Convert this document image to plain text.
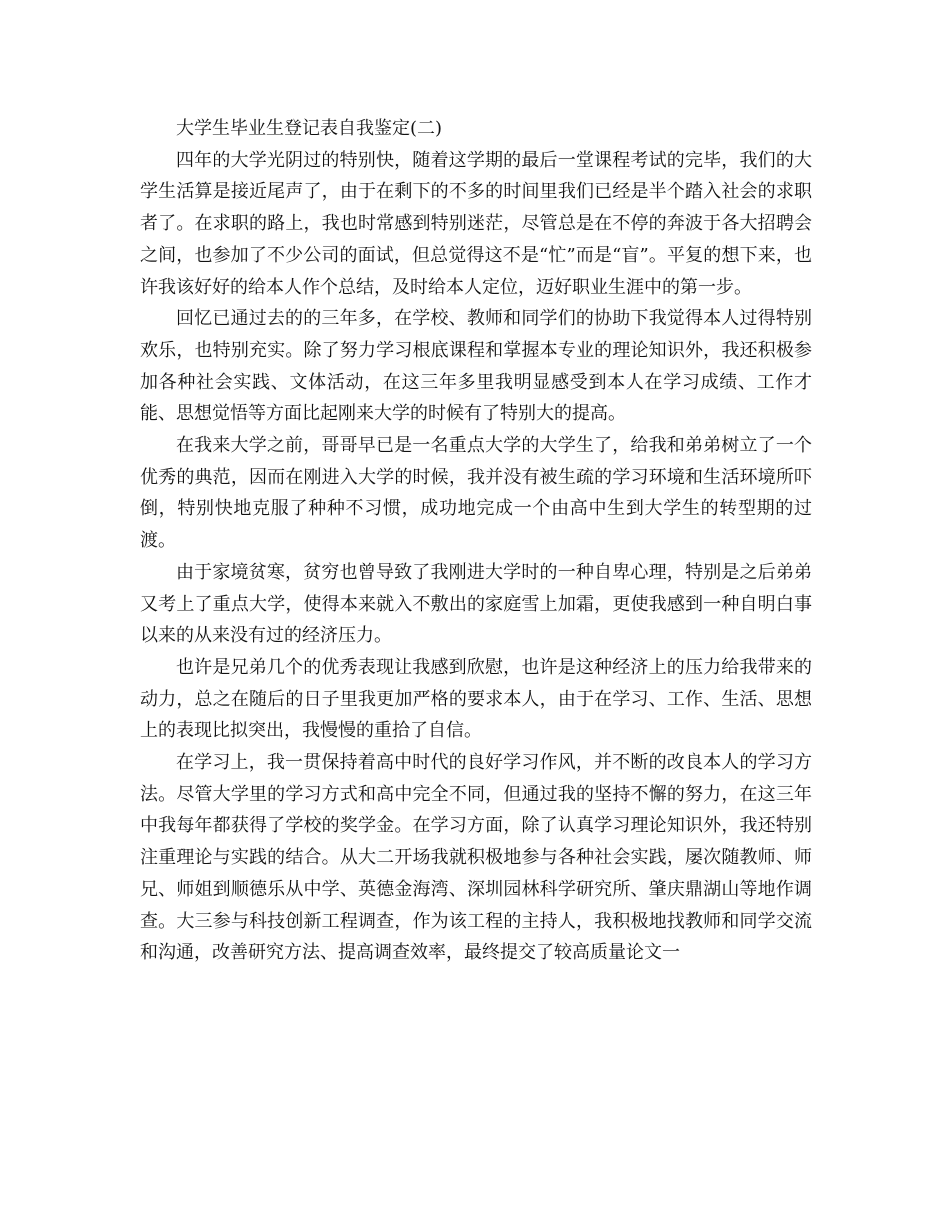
大学生毕业生登记表自我鉴定(二)

四年的大学光阴过的特别快，随着这学期的最后一堂课程考试的完毕，我们的大学生活算是接近尾声了，由于在剩下的不多的时间里我们已经是半个踏入社会的求职者了。在求职的路上，我也时常感到特别迷茫，尽管总是在不停的奔波于各大招聘会之间，也参加了不少公司的面试，但总觉得这不是“忙”而是“盲”。平复的想下来，也许我该好好的给本人作个总结，及时给本人定位，迈好职业生涯中的第一步。

回忆已通过去的的三年多，在学校、教师和同学们的协助下我觉得本人过得特别欢乐，也特别充实。除了努力学习根底课程和掌握本专业的理论知识外，我还积极参加各种社会实践、文体活动，在这三年多里我明显感受到本人在学习成绩、工作才能、思想觉悟等方面比起刚来大学的时候有了特别大的提高。

在我来大学之前，哥哥早已是一名重点大学的大学生了，给我和弟弟树立了一个优秀的典范，因而在刚进入大学的时候，我并没有被生疏的学习环境和生活环境所吓倒，特别快地克服了种种不习惯，成功地完成一个由高中生到大学生的转型期的过渡。

由于家境贫寒，贫穷也曾导致了我刚进大学时的一种自卑心理，特别是之后弟弟又考上了重点大学，使得本来就入不敷出的家庭雪上加霜，更使我感到一种自明白事以来的从来没有过的经济压力。

也许是兄弟几个的优秀表现让我感到欣慰，也许是这种经济上的压力给我带来的动力，总之在随后的日子里我更加严格的要求本人，由于在学习、工作、生活、思想上的表现比拟突出，我慢慢的重拾了自信。

在学习上，我一贯保持着高中时代的良好学习作风，并不断的改良本人的学习方法。尽管大学里的学习方式和高中完全不同，但通过我的坚持不懈的努力，在这三年中我每年都获得了学校的奖学金。在学习方面，除了认真学习理论知识外，我还特别注重理论与实践的结合。从大二开场我就积极地参与各种社会实践，屡次随教师、师兄、师姐到顺德乐从中学、英德金海湾、深圳园林科学研究所、肇庆鼎湖山等地作调查。大三参与科技创新工程调查，作为该工程的主持人，我积极地找教师和同学交流和沟通，改善研究方法、提高调查效率，最终提交了较高质量论文一
